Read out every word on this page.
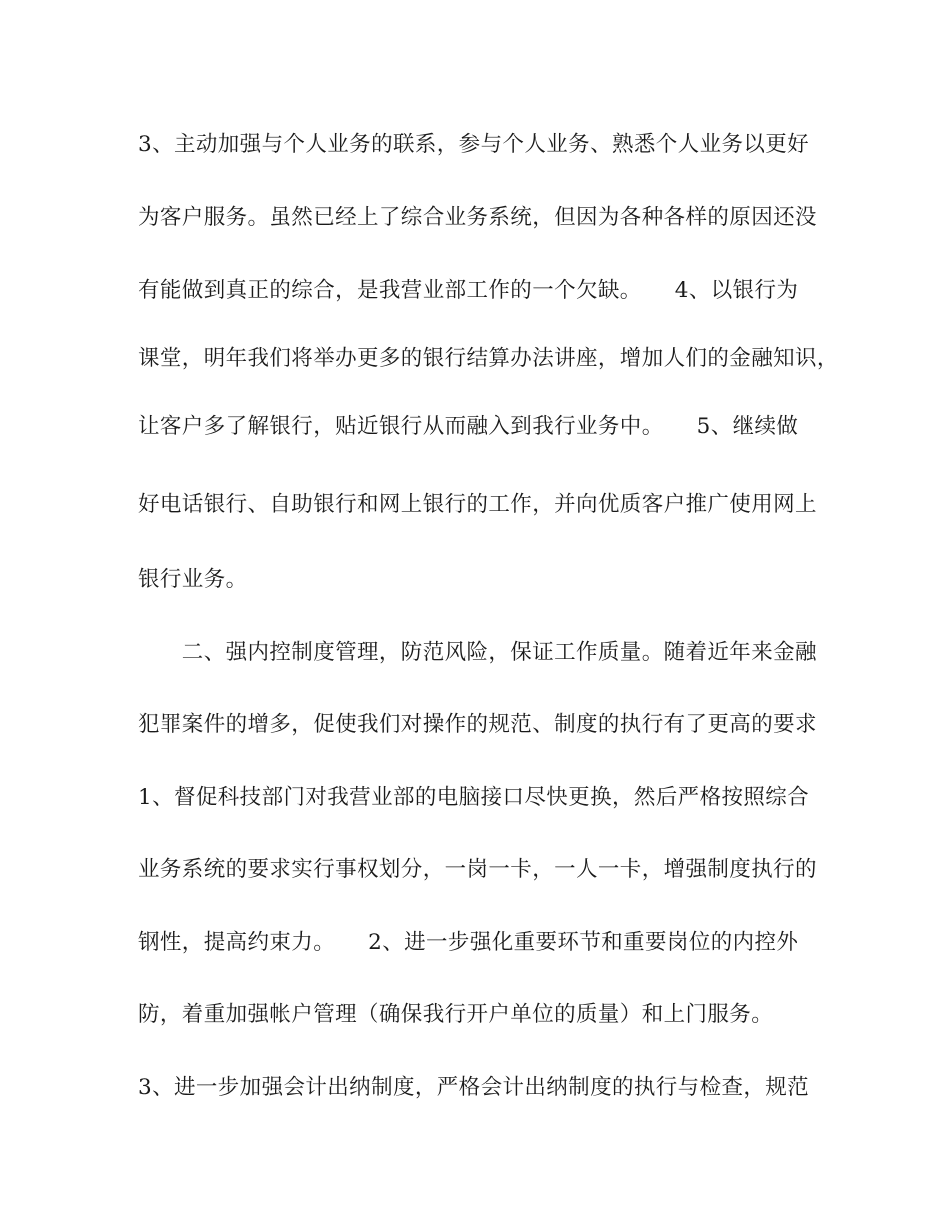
3、主动加强与个人业务的联系，参与个人业务、熟悉个人业务以更好
为客户服务。虽然已经上了综合业务系统，但因为各种各样的原因还没
有能做到真正的综合，是我营业部工作的一个欠缺。　　4、以银行为
课堂，明年我们将举办更多的银行结算办法讲座，增加人们的金融知识，
让客户多了解银行，贴近银行从而融入到我行业务中。　　5、继续做
好电话银行、自助银行和网上银行的工作，并向优质客户推广使用网上
银行业务。
　　二、强内控制度管理，防范风险，保证工作质量。随着近年来金融
犯罪案件的增多，促使我们对操作的规范、制度的执行有了更高的要求
1、督促科技部门对我营业部的电脑接口尽快更换，然后严格按照综合
业务系统的要求实行事权划分，一岗一卡，一人一卡，增强制度执行的
钢性，提高约束力。　　2、进一步强化重要环节和重要岗位的内控外
防，着重加强帐户管理（确保我行开户单位的质量）和上门服务。
3、进一步加强会计出纳制度，严格会计出纳制度的执行与检查，规范
